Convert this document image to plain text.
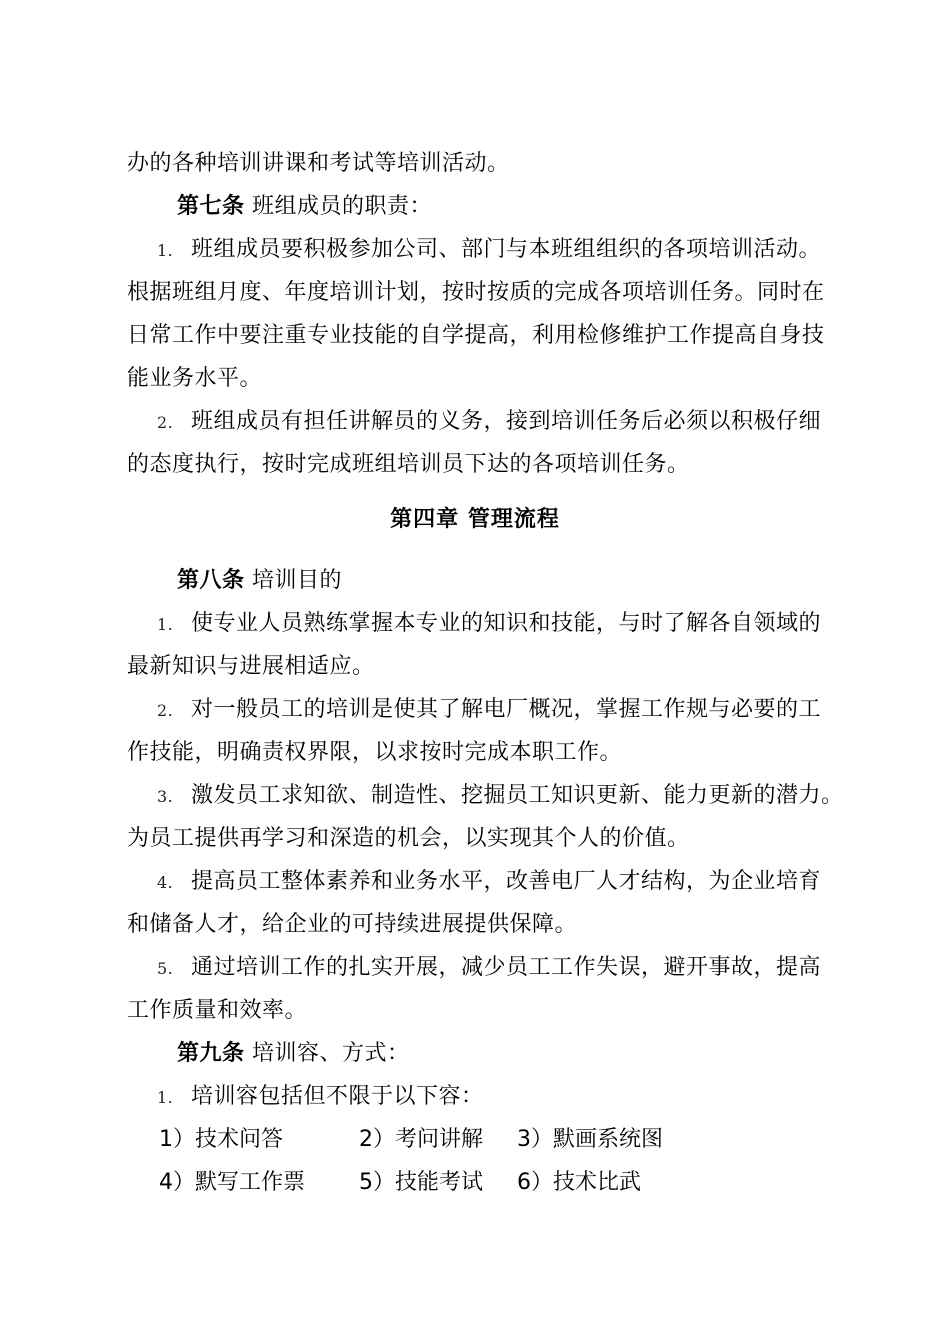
办的各种培训讲课和考试等培训活动。
第七条 班组成员的职责：
1. 班组成员要积极参加公司、部门与本班组组织的各项培训活动。
根据班组月度、年度培训计划，按时按质的完成各项培训任务。同时在
日常工作中要注重专业技能的自学提高，利用检修维护工作提高自身技
能业务水平。
2. 班组成员有担任讲解员的义务，接到培训任务后必须以积极仔细
的态度执行，按时完成班组培训员下达的各项培训任务。
第四章 管理流程
第八条 培训目的
1. 使专业人员熟练掌握本专业的知识和技能，与时了解各自领域的
最新知识与进展相适应。
2. 对一般员工的培训是使其了解电厂概况，掌握工作规与必要的工
作技能，明确责权界限，以求按时完成本职工作。
3. 激发员工求知欲、制造性、挖掘员工知识更新、能力更新的潜力。
为员工提供再学习和深造的机会，以实现其个人的价值。
4. 提高员工整体素养和业务水平，改善电厂人才结构，为企业培育
和储备人才，给企业的可持续进展提供保障。
5. 通过培训工作的扎实开展，减少员工工作失误，避开事故，提高
工作质量和效率。
第九条 培训容、方式：
1. 培训容包括但不限于以下容：
1）技术问答	2）考问讲解 3）默画系统图
4）默写工作票 5）技能考试 6）技术比武
